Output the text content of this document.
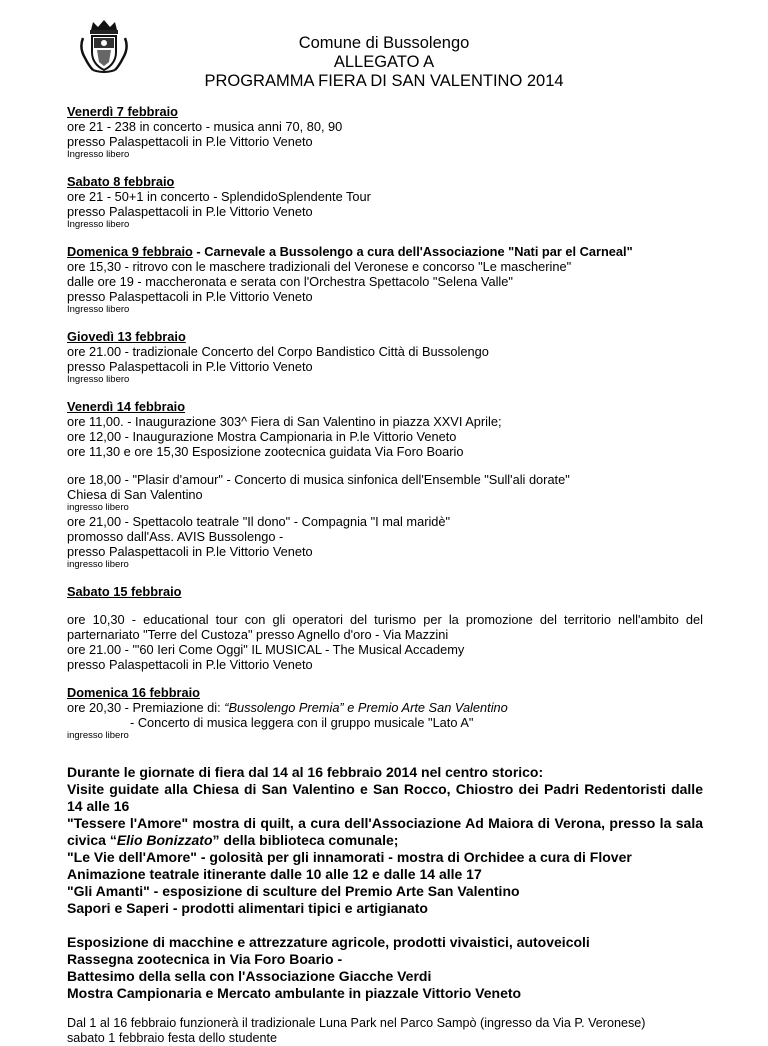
Comune di Bussolengo
ALLEGATO A
PROGRAMMA FIERA DI SAN VALENTINO 2014
Venerdì 7 febbraio
ore 21 - 238 in concerto - musica anni 70, 80, 90
presso Palaspettacoli in P.le Vittorio Veneto
Ingresso libero
Sabato 8 febbraio
ore 21 - 50+1 in concerto - SplendidoSplendente Tour
presso Palaspettacoli in P.le Vittorio Veneto
Ingresso libero
Domenica 9 febbraio - Carnevale a Bussolengo a cura dell'Associazione "Nati par el Carneal"
ore 15,30 - ritrovo con le maschere tradizionali del Veronese e concorso "Le mascherine"
dalle ore 19 - maccheronata e serata con l'Orchestra Spettacolo "Selena Valle"
presso Palaspettacoli in P.le Vittorio Veneto
Ingresso libero
Giovedì 13 febbraio
ore 21.00 - tradizionale Concerto del Corpo Bandistico Città di Bussolengo
presso Palaspettacoli in P.le Vittorio Veneto
Ingresso libero
Venerdì 14 febbraio
ore 11,00. - Inaugurazione 303^ Fiera di San Valentino in piazza XXVI Aprile;
ore 12,00 - Inaugurazione Mostra Campionaria in P.le Vittorio Veneto
ore 11,30 e ore 15,30 Esposizione zootecnica guidata Via Foro Boario
ore 18,00 - "Plasir d'amour" - Concerto di musica sinfonica dell'Ensemble "Sull'ali dorate"
Chiesa di San Valentino
ingresso libero
ore 21,00 - Spettacolo teatrale "Il dono" - Compagnia "I mal maridè"
promosso dall'Ass. AVIS Bussolengo -
presso Palaspettacoli in P.le Vittorio Veneto
ingresso libero
Sabato 15 febbraio
ore 10,30 - educational tour con gli operatori del turismo per la promozione del territorio nell'ambito del parternariato "Terre del Custoza" presso Agnello d'oro - Via Mazzini
ore 21.00 - "'60 Ieri Come Oggi" IL MUSICAL - The Musical Accademy
presso Palaspettacoli in P.le Vittorio Veneto
Domenica 16 febbraio
ore 20,30 - Premiazione di: “Bussolengo Premia” e Premio Arte San Valentino
- Concerto di musica leggera con il gruppo musicale "Lato A"
ingresso libero
Durante le giornate di fiera dal 14 al 16 febbraio 2014 nel centro storico:
Visite guidate alla Chiesa di San Valentino e San Rocco, Chiostro dei Padri Redentoristi dalle 14 alle 16
"Tessere l'Amore" mostra di quilt, a cura dell'Associazione Ad Maiora di Verona, presso la sala civica “Elio Bonizzato” della biblioteca comunale;
"Le Vie dell'Amore" - golosità per gli innamorati - mostra di Orchidee a cura di Flover
Animazione teatrale itinerante dalle 10 alle 12 e dalle 14 alle 17
"Gli Amanti" - esposizione di sculture del Premio Arte San Valentino
Sapori e Saperi - prodotti alimentari tipici e artigianato
Esposizione di macchine e attrezzature agricole, prodotti vivaistici, autoveicoli
Rassegna zootecnica in Via Foro Boario -
Battesimo della sella con l'Associazione Giacche Verdi
Mostra Campionaria e Mercato ambulante in piazzale Vittorio Veneto
Dal 1 al 16 febbraio funzionerà il tradizionale Luna Park nel Parco Sampò (ingresso da Via P. Veronese)
sabato 1 febbraio festa dello studente
